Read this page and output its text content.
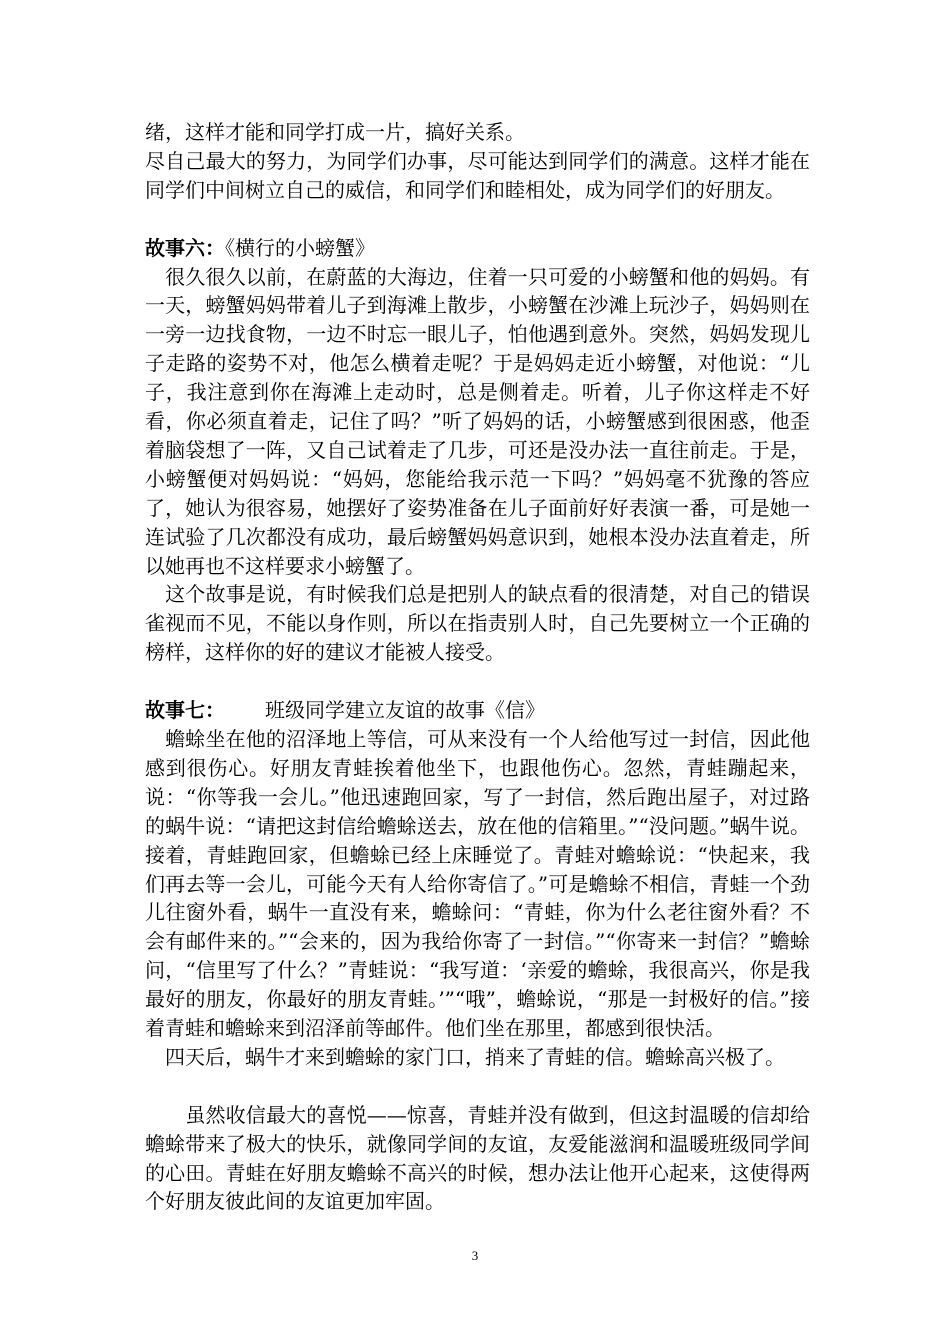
绪，这样才能和同学打成一片，搞好关系。

尽自己最大的努力，为同学们办事，尽可能达到同学们的满意。这样才能在同学们中间树立自己的威信，和同学们和睦相处，成为同学们的好朋友。

故事六：《横行的小螃蟹》

　很久很久以前，在蔚蓝的大海边，住着一只可爱的小螃蟹和他的妈妈。有一天，螃蟹妈妈带着儿子到海滩上散步，小螃蟹在沙滩上玩沙子，妈妈则在一旁一边找食物，一边不时忘一眼儿子，怕他遇到意外。突然，妈妈发现儿子走路的姿势不对，他怎么横着走呢？于是妈妈走近小螃蟹，对他说：“儿子，我注意到你在海滩上走动时，总是侧着走。听着，儿子你这样走不好看，你必须直着走，记住了吗？”听了妈妈的话，小螃蟹感到很困惑，他歪着脑袋想了一阵，又自己试着走了几步，可还是没办法一直往前走。于是，小螃蟹便对妈妈说：“妈妈，您能给我示范一下吗？”妈妈毫不犹豫的答应了，她认为很容易，她摆好了姿势准备在儿子面前好好表演一番，可是她一连试验了几次都没有成功，最后螃蟹妈妈意识到，她根本没办法直着走，所以她再也不这样要求小螃蟹了。

　这个故事是说，有时候我们总是把别人的缺点看的很清楚，对自己的错误雀视而不见，不能以身作则，所以在指责别人时，自己先要树立一个正确的榜样，这样你的好的建议才能被人接受。

故事七： 班级同学建立友谊的故事《信》

　蟾蜍坐在他的沼泽地上等信，可从来没有一个人给他写过一封信，因此他感到很伤心。好朋友青蛙挨着他坐下，也跟他伤心。忽然，青蛙蹦起来，说：“你等我一会儿。”他迅速跑回家，写了一封信，然后跑出屋子，对过路的蜗牛说：“请把这封信给蟾蜍送去，放在他的信箱里。”“没问题。”蜗牛说。接着，青蛙跑回家，但蟾蜍已经上床睡觉了。青蛙对蟾蜍说：“快起来，我们再去等一会儿，可能今天有人给你寄信了。”可是蟾蜍不相信，青蛙一个劲儿往窗外看，蜗牛一直没有来，蟾蜍问：“青蛙，你为什么老往窗外看？不会有邮件来的。”“会来的，因为我给你寄了一封信。”“你寄来一封信？”蟾蜍问，“信里写了什么？”青蛙说：“我写道：‘亲爱的蟾蜍，我很高兴，你是我最好的朋友，你最好的朋友青蛙。’”“哦”，蟾蜍说，“那是一封极好的信。”接着青蛙和蟾蜍来到沼泽前等邮件。他们坐在那里，都感到很快活。

　四天后，蜗牛才来到蟾蜍的家门口，捎来了青蛙的信。蟾蜍高兴极了。

　　虽然收信最大的喜悦——惊喜，青蛙并没有做到，但这封温暖的信却给蟾蜍带来了极大的快乐，就像同学间的友谊，友爱能滋润和温暖班级同学间的心田。青蛙在好朋友蟾蜍不高兴的时候，想办法让他开心起来，这使得两个好朋友彼此间的友谊更加牢固。

3
